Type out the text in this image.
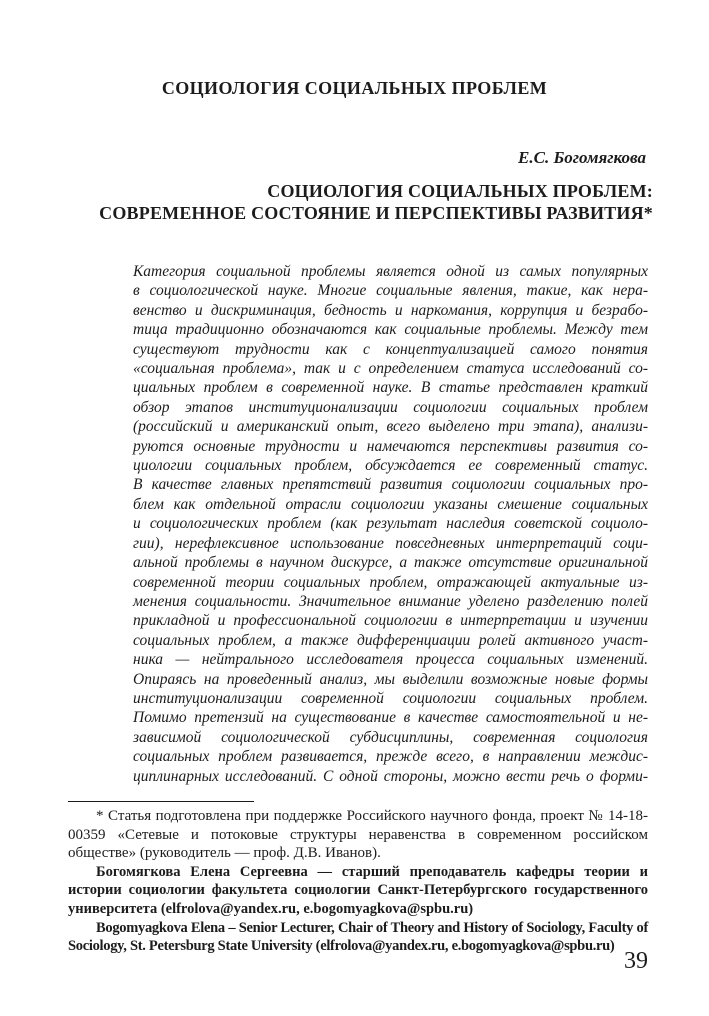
СОЦИОЛОГИЯ СОЦИАЛЬНЫХ ПРОБЛЕМ
Е.С. Богомягкова
СОЦИОЛОГИЯ СОЦИАЛЬНЫХ ПРОБЛЕМ:
СОВРЕМЕННОЕ СОСТОЯНИЕ И ПЕРСПЕКТИВЫ РАЗВИТИЯ*
Категория социальной проблемы является одной из самых популярных
в социологической науке. Многие социальные явления, такие, как нера-
венство и дискриминация, бедность и наркомания, коррупция и безрабо-
тица традиционно обозначаются как социальные проблемы. Между тем
существуют трудности как с концептуализацией самого понятия
«социальная проблема», так и с определением статуса исследований со-
циальных проблем в современной науке. В статье представлен краткий
обзор этапов институционализации социологии социальных проблем
(российский и американский опыт, всего выделено три этапа), анализи-
руются основные трудности и намечаются перспективы развития со-
циологии социальных проблем, обсуждается ее современный статус.
В качестве главных препятствий развития социологии социальных про-
блем как отдельной отрасли социологии указаны смешение социальных
и социологических проблем (как результат наследия советской социоло-
гии), нерефлексивное использование повседневных интерпретаций соци-
альной проблемы в научном дискурсе, а также отсутствие оригинальной
современной теории социальных проблем, отражающей актуальные из-
менения социальности. Значительное внимание уделено разделению полей
прикладной и профессиональной социологии в интерпретации и изучении
социальных проблем, а также дифференциации ролей активного участ-
ника — нейтрального исследователя процесса социальных изменений.
Опираясь на проведенный анализ, мы выделили возможные новые формы
институционализации современной социологии социальных проблем.
Помимо претензий на существование в качестве самостоятельной и не-
зависимой социологической субдисциплины, современная социология
социальных проблем развивается, прежде всего, в направлении междис-
циплинарных исследований. С одной стороны, можно вести речь о форми-

* Статья подготовлена при поддержке Российского научного фонда, проект № 14-18-00359 «Сетевые и потоковые структуры неравенства в современном российском обществе» (руководитель — проф. Д.В. Иванов).

Богомягкова Елена Сергеевна — старший преподаватель кафедры теории и истории социологии факультета социологии Санкт-Петербургского государственного университета (elfrolova@yandex.ru, e.bogomyagkova@spbu.ru)

Bogomyagkova Elena – Senior Lecturer, Chair of Theory and History of Sociology, Faculty of Sociology, St. Petersburg State University (elfrolova@yandex.ru, e.bogomyagkova@spbu.ru)

39
